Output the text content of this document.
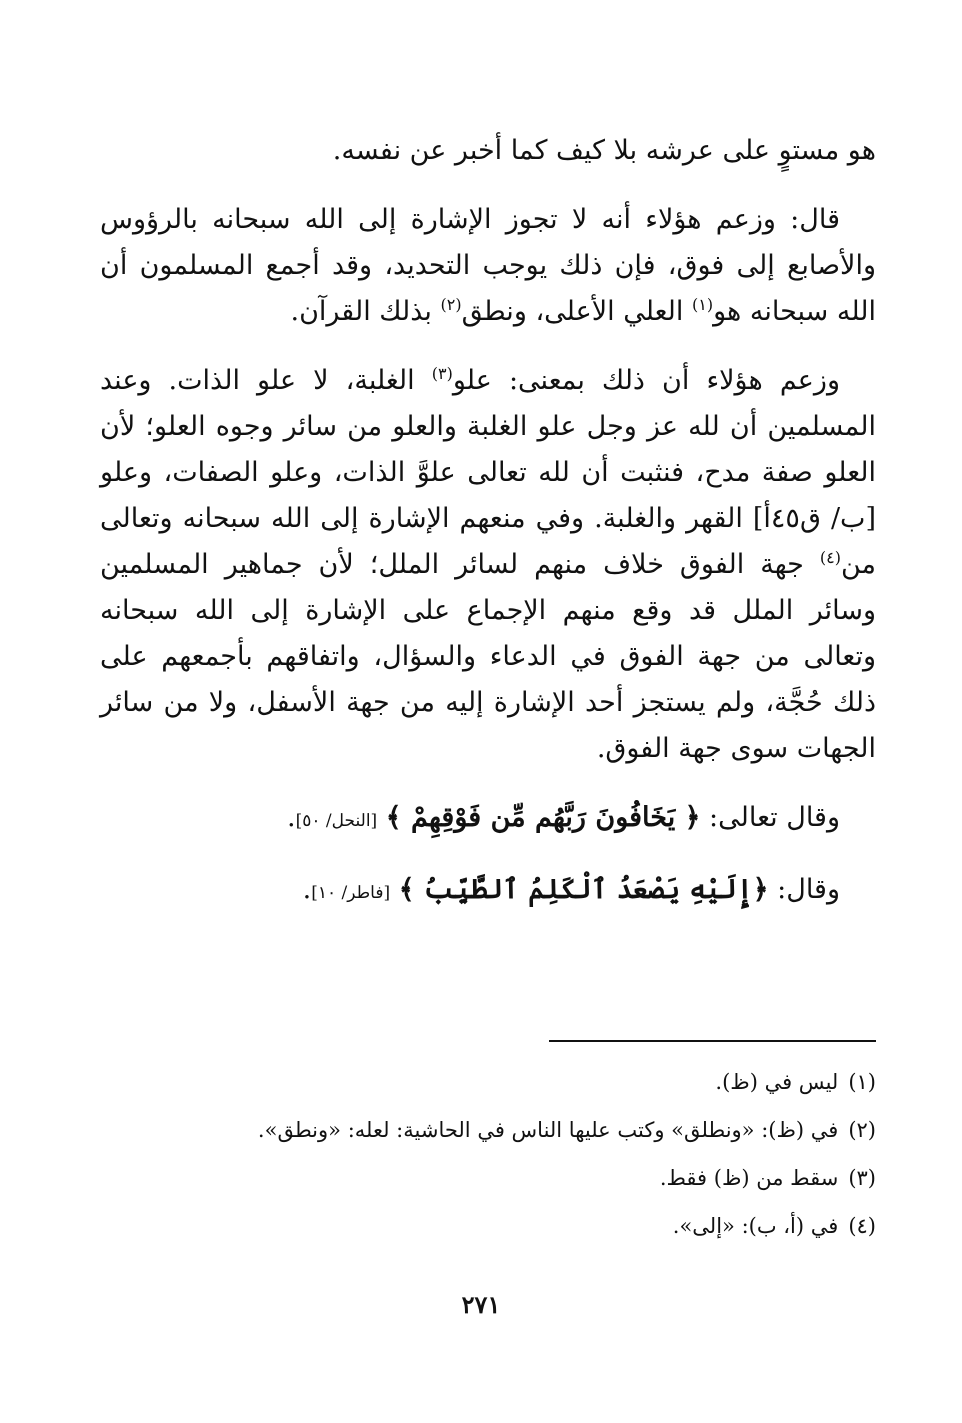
هو مستوٍ على عرشه بلا كيف كما أخبر عن نفسه.

قال: وزعم هؤلاء أنه لا تجوز الإشارة إلى الله سبحانه بالرؤوس والأصابع إلى فوق، فإن ذلك يوجب التحديد، وقد أجمع المسلمون أن الله سبحانه هو$^{(١)}$ العلي الأعلى، ونطق$^{(٢)}$ بذلك القرآن.

وزعم هؤلاء أن ذلك بمعنى: علو$^{(٣)}$ الغلبة، لا علو الذات. وعند المسلمين أن لله عز وجل علو الغلبة والعلو من سائر وجوه العلو؛ لأن العلو صفة مدح، فنثبت أن لله تعالى علوَّ الذات، وعلو الصفات، وعلو [ب/ ق٤٥أ] القهر والغلبة. وفي منعهم الإشارة إلى الله سبحانه وتعالى من$^{(٤)}$ جهة الفوق خلاف منهم لسائر الملل؛ لأن جماهير المسلمين وسائر الملل قد وقع منهم الإجماع على الإشارة إلى الله سبحانه وتعالى من جهة الفوق في الدعاء والسؤال، واتفاقهم بأجمعهم على ذلك حُجَّة، ولم يستجز أحد الإشارة إليه من جهة الأسفل، ولا من سائر الجهات سوى جهة الفوق.

وقال تعالى: ﴿ يَخَافُونَ رَبَّهُم مِّن فَوْقِهِمْ ﴾ [النحل/ ٥٠].

وقال: ﴿إِلَيْهِ يَصْعَدُ ٱلْكَلِمُ ٱلطَّيِّبُ ﴾ [فاطر/ ١٠].

(١)ليس في (ظ).

(٢)في (ظ): «ونطلق» وكتب عليها الناس في الحاشية: لعله: «ونطق».

(٣)سقط من (ظ) فقط.

(٤)في (أ، ب): «إلى».

٢٧١
